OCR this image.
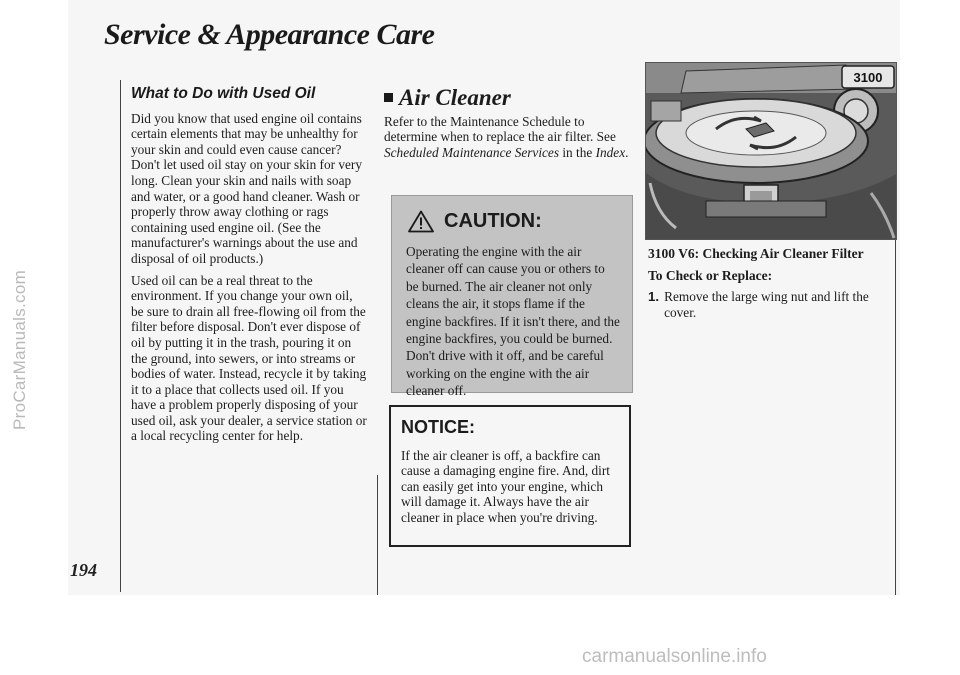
Service & Appearance Care
ProCarManuals.com
carmanualsonline.info
194
What to Do with Used Oil

Did you know that used engine oil contains certain elements that may be unhealthy for your skin and could even cause cancer? Don't let used oil stay on your skin for very long. Clean your skin and nails with soap and water, or a good hand cleaner. Wash or properly throw away clothing or rags containing used engine oil. (See the manufacturer's warnings about the use and disposal of oil products.)

Used oil can be a real threat to the environment. If you change your own oil, be sure to drain all free-flowing oil from the filter before disposal. Don't ever dispose of oil by putting it in the trash, pouring it on the ground, into sewers, or into streams or bodies of water. Instead, recycle it by taking it to a place that collects used oil. If you have a problem properly disposing of your used oil, ask your dealer, a service station or a local recycling center for help.

Air Cleaner

Refer to the Maintenance Schedule to determine when to replace the air filter. See Scheduled Maintenance Services in the Index.

CAUTION:

Operating the engine with the air cleaner off can cause you or others to be burned. The air cleaner not only cleans the air, it stops flame if the engine backfires. If it isn't there, and the engine backfires, you could be burned. Don't drive with it off, and be careful working on the engine with the air cleaner off.

NOTICE:

If the air cleaner is off, a backfire can cause a damaging engine fire. And, dirt can easily get into your engine, which will damage it. Always have the air cleaner in place when you're driving.

3100

3100 V6: Checking Air Cleaner Filter

To Check or Replace:

1. Remove the large wing nut and lift the cover.
